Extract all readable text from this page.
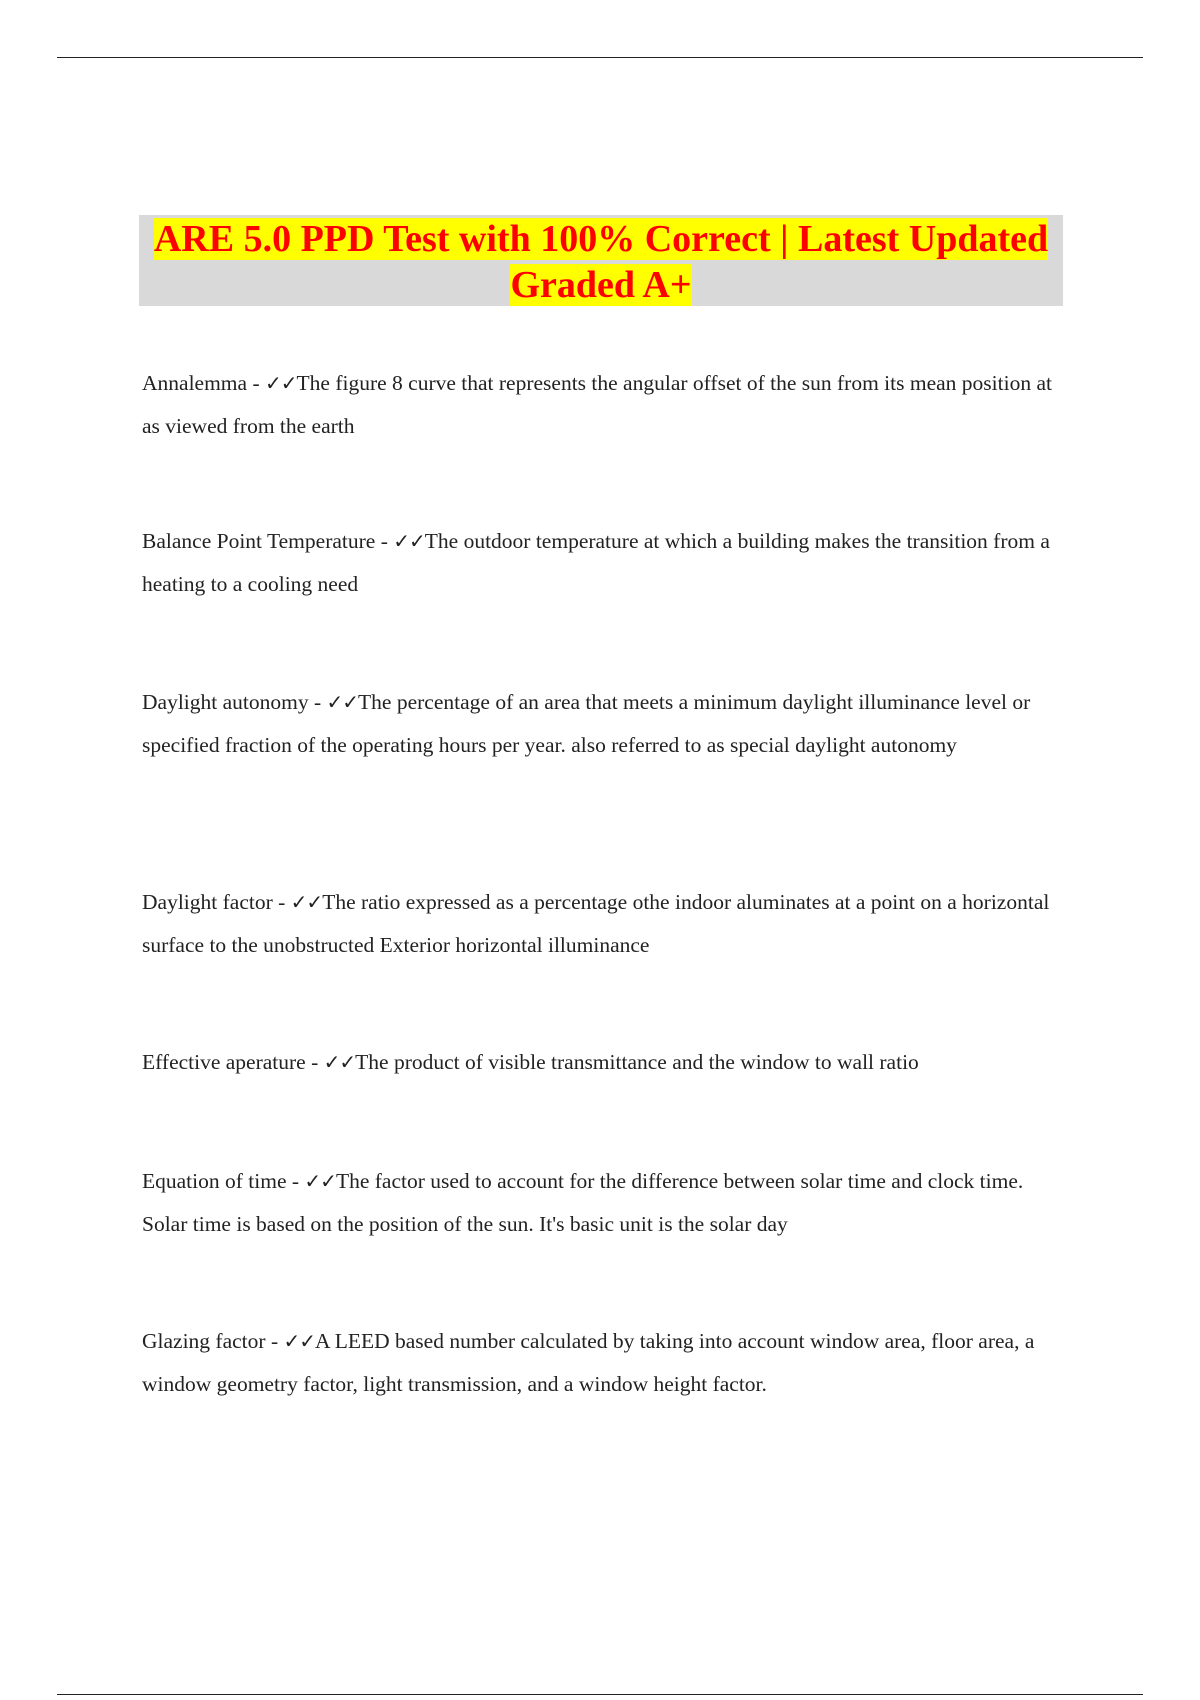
ARE 5.0 PPD Test with 100% Correct | Latest Updated Graded A+
Annalemma - ✓✓The figure 8 curve that represents the angular offset of the sun from its mean position at as viewed from the earth
Balance Point Temperature - ✓✓The outdoor temperature at which a building makes the transition from a heating to a cooling need
Daylight autonomy - ✓✓The percentage of an area that meets a minimum daylight illuminance level or specified fraction of the operating hours per year. also referred to as special daylight autonomy
Daylight factor - ✓✓The ratio expressed as a percentage othe indoor aluminates at a point on a horizontal surface to the unobstructed Exterior horizontal illuminance
Effective aperature - ✓✓The product of visible transmittance and the window to wall ratio
Equation of time - ✓✓The factor used to account for the difference between solar time and clock time. Solar time is based on the position of the sun. It's basic unit is the solar day
Glazing factor - ✓✓A LEED based number calculated by taking into account window area, floor area, a window geometry factor, light transmission, and a window height factor.
